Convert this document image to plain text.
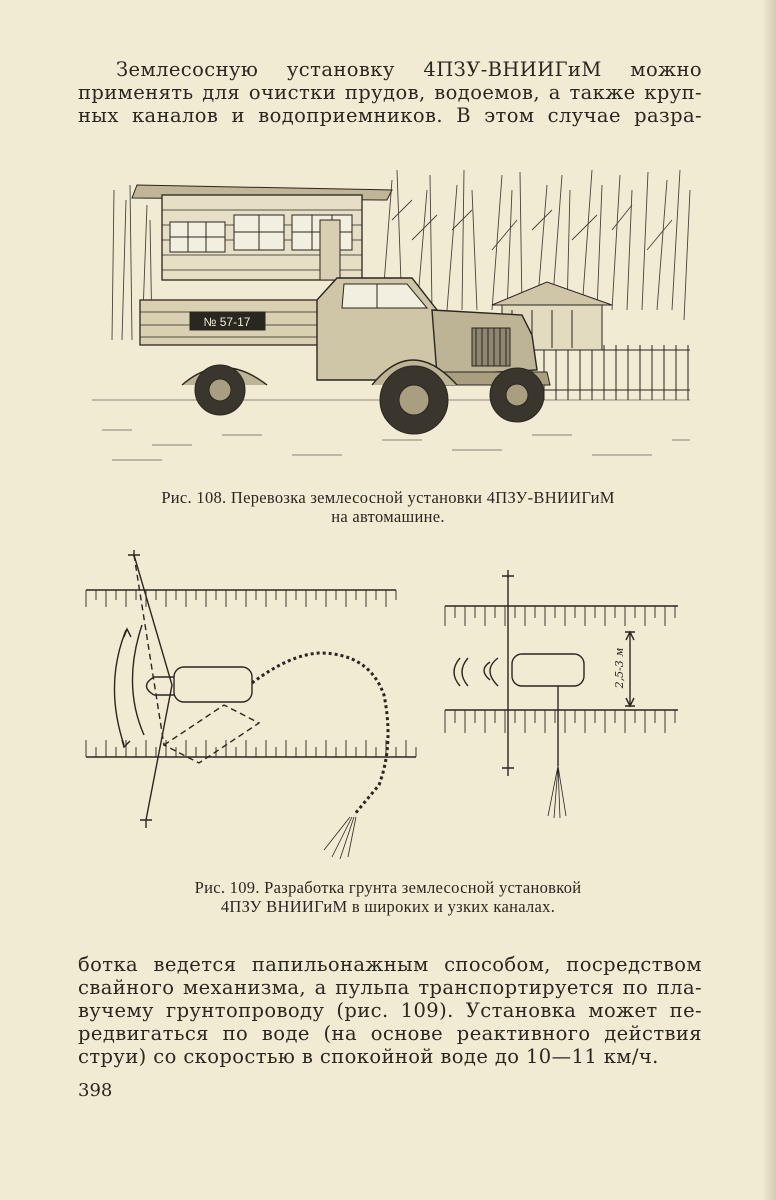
Землесосную установку 4ПЗУ-ВНИИГиМ можно
применять для очистки прудов, водоемов, а также круп-
ных каналов и водоприемников. В этом случае разра-
№ 57-17
Рис. 108. Перевозка землесосной установки 4ПЗУ-ВНИИГиМ
на автомашине.
2,5-3 м
Рис. 109. Разработка грунта землесосной установкой
4ПЗУ ВНИИГиМ в широких и узких каналах.
ботка ведется папильонажным способом, посредством
свайного механизма, а пульпа транспортируется по пла-
вучему грунтопроводу (рис. 109). Установка может пе-
редвигаться по воде (на основе реактивного действия
струи) со скоростью в спокойной воде до 10—11 км/ч.
398
